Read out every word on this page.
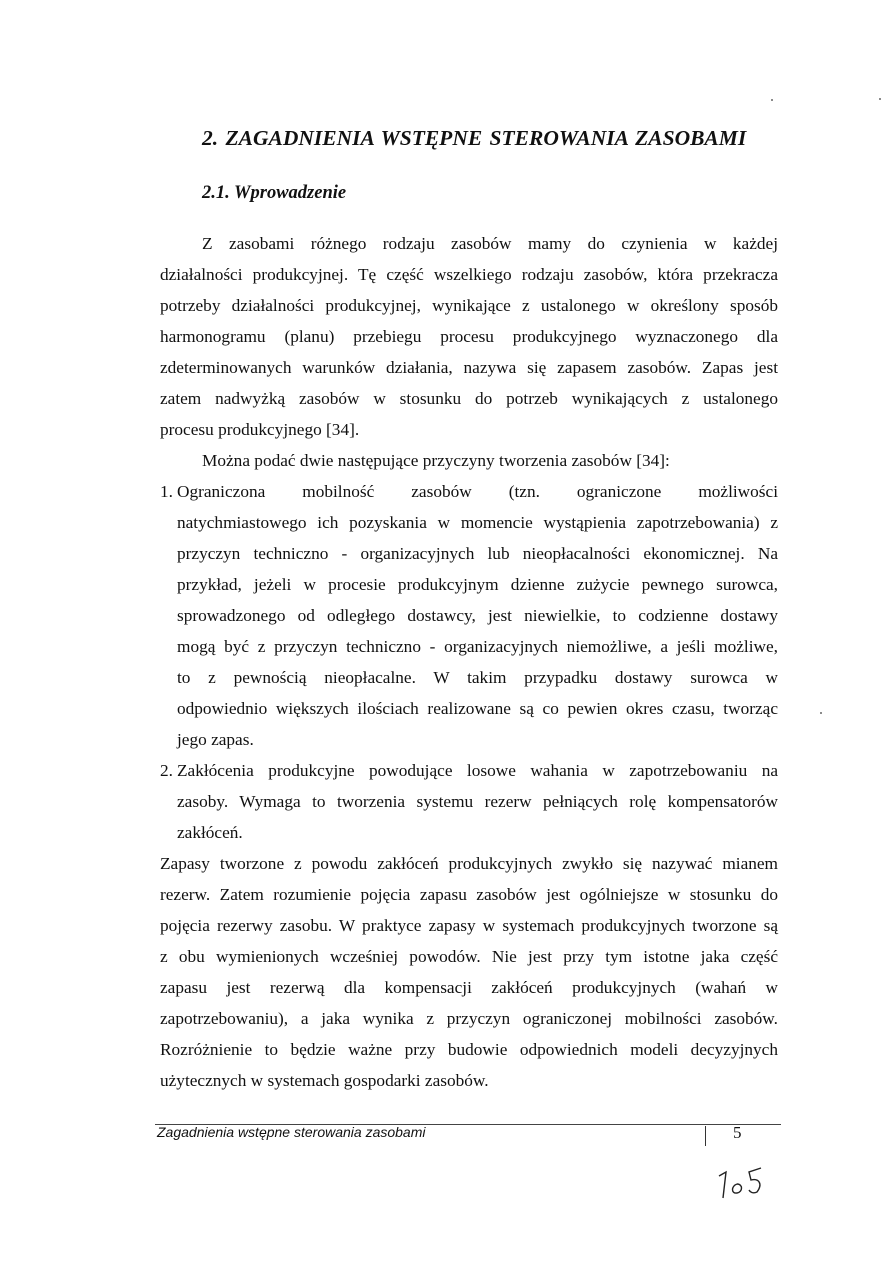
2. ZAGADNIENIA WSTĘPNE STEROWANIA ZASOBAMI
2.1. Wprowadzenie
Z zasobami różnego rodzaju zasobów mamy do czynienia w każdej
działalności produkcyjnej. Tę część wszelkiego rodzaju zasobów, która przekracza
potrzeby działalności produkcyjnej, wynikające z ustalonego w określony sposób
harmonogramu (planu) przebiegu procesu produkcyjnego wyznaczonego dla
zdeterminowanych warunków działania, nazywa się zapasem zasobów. Zapas jest
zatem nadwyżką zasobów w stosunku do potrzeb wynikających z ustalonego
procesu produkcyjnego [34].
Można podać dwie następujące przyczyny tworzenia zasobów [34]:
1. Ograniczona mobilność zasobów (tzn. ograniczone możliwości
natychmiastowego ich pozyskania w momencie wystąpienia zapotrzebowania) z
przyczyn techniczno - organizacyjnych lub nieopłacalności ekonomicznej. Na
przykład, jeżeli w procesie produkcyjnym dzienne zużycie pewnego surowca,
sprowadzonego od odległego dostawcy, jest niewielkie, to codzienne dostawy
mogą być z przyczyn techniczno - organizacyjnych niemożliwe, a jeśli możliwe,
to z pewnością nieopłacalne. W takim przypadku dostawy surowca w
odpowiednio większych ilościach realizowane są co pewien okres czasu, tworząc
jego zapas.
2. Zakłócenia produkcyjne powodujące losowe wahania w zapotrzebowaniu na
zasoby. Wymaga to tworzenia systemu rezerw pełniących rolę kompensatorów
zakłóceń.
Zapasy tworzone z powodu zakłóceń produkcyjnych zwykło się nazywać mianem
rezerw. Zatem rozumienie pojęcia zapasu zasobów jest ogólniejsze w stosunku do
pojęcia rezerwy zasobu. W praktyce zapasy w systemach produkcyjnych tworzone są
z obu wymienionych wcześniej powodów. Nie jest przy tym istotne jaka część
zapasu jest rezerwą dla kompensacji zakłóceń produkcyjnych (wahań w
zapotrzebowaniu), a jaka wynika z przyczyn ograniczonej mobilności zasobów.
Rozróżnienie to będzie ważne przy budowie odpowiednich modeli decyzyjnych
użytecznych w systemach gospodarki zasobów.
Zagadnienia wstępne sterowania zasobami	5
